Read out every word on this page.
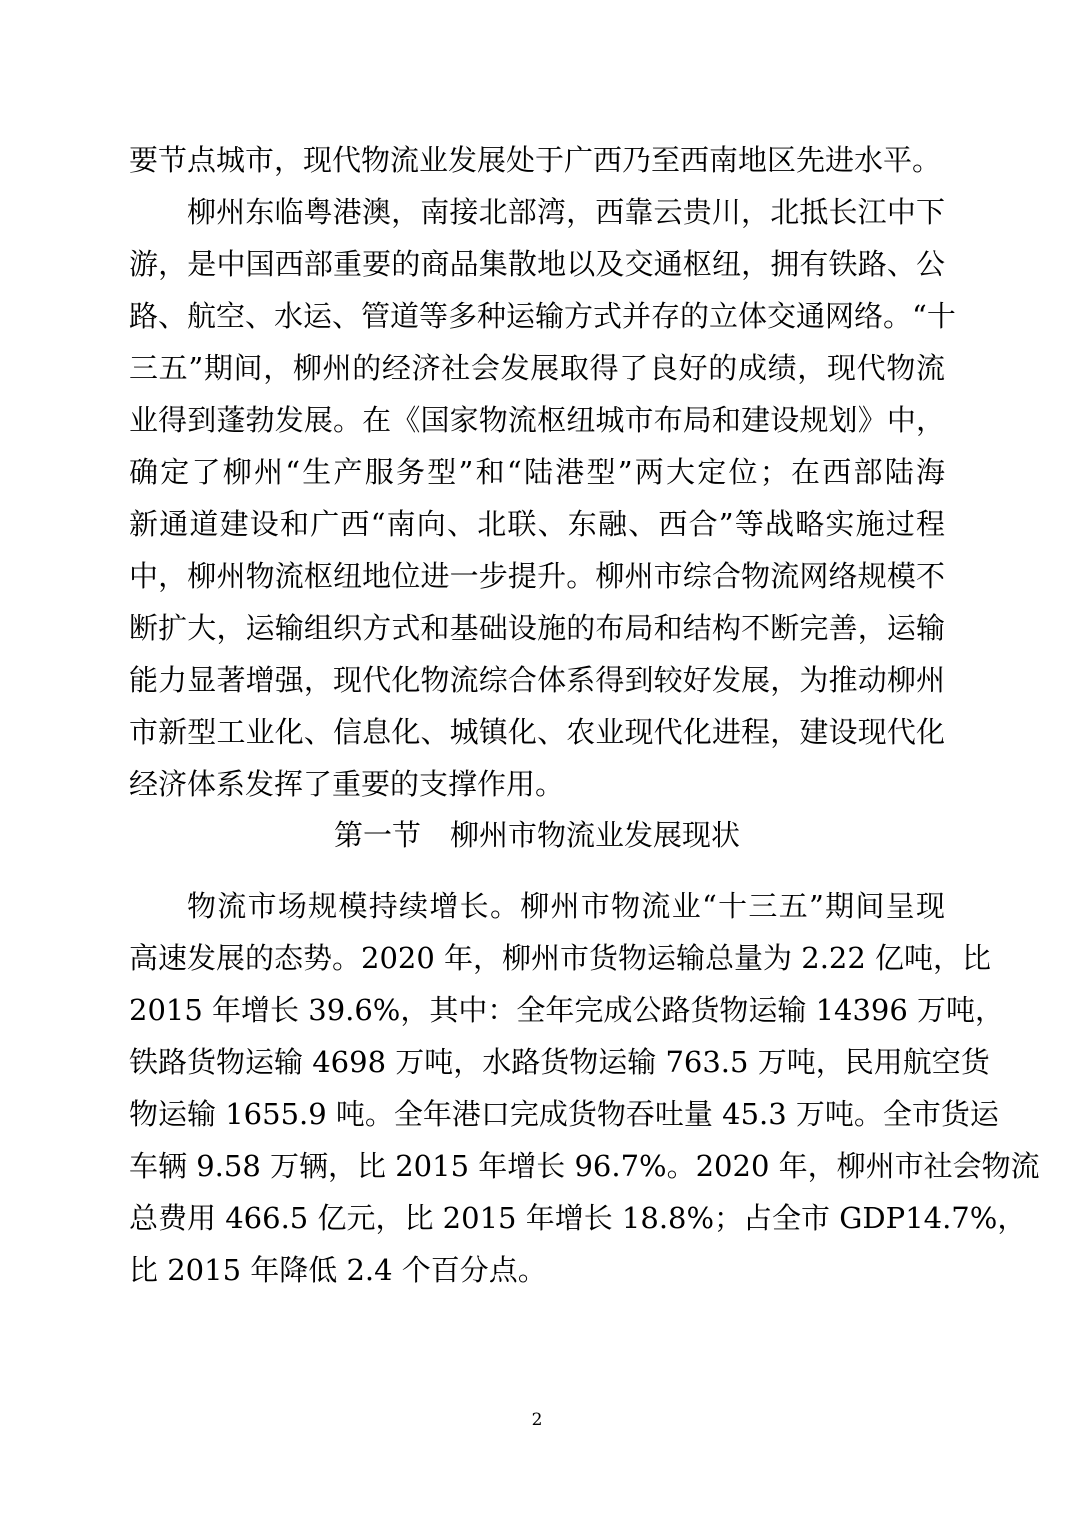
要节点城市，现代物流业发展处于广西乃至西南地区先进水平。
柳州东临粤港澳，南接北部湾，西靠云贵川，北抵长江中下
游，是中国西部重要的商品集散地以及交通枢纽，拥有铁路、公
路、航空、水运、管道等多种运输方式并存的立体交通网络。“十
三五”期间，柳州的经济社会发展取得了良好的成绩，现代物流
业得到蓬勃发展。在《国家物流枢纽城市布局和建设规划》中，
确定了柳州“生产服务型”和“陆港型”两大定位；在西部陆海
新通道建设和广西“南向、北联、东融、西合”等战略实施过程
中，柳州物流枢纽地位进一步提升。柳州市综合物流网络规模不
断扩大，运输组织方式和基础设施的布局和结构不断完善，运输
能力显著增强，现代化物流综合体系得到较好发展，为推动柳州
市新型工业化、信息化、城镇化、农业现代化进程，建设现代化
经济体系发挥了重要的支撑作用。
第一节　柳州市物流业发展现状
物流市场规模持续增长。柳州市物流业“十三五”期间呈现
高速发展的态势。2020 年，柳州市货物运输总量为 2.22 亿吨，比
2015 年增长 39.6%，其中：全年完成公路货物运输 14396 万吨，
铁路货物运输 4698 万吨，水路货物运输 763.5 万吨，民用航空货
物运输 1655.9 吨。全年港口完成货物吞吐量 45.3 万吨。全市货运
车辆 9.58 万辆，比 2015 年增长 96.7%。2020 年，柳州市社会物流
总费用 466.5 亿元，比 2015 年增长 18.8%；占全市 GDP14.7%，
比 2015 年降低 2.4 个百分点。
2
